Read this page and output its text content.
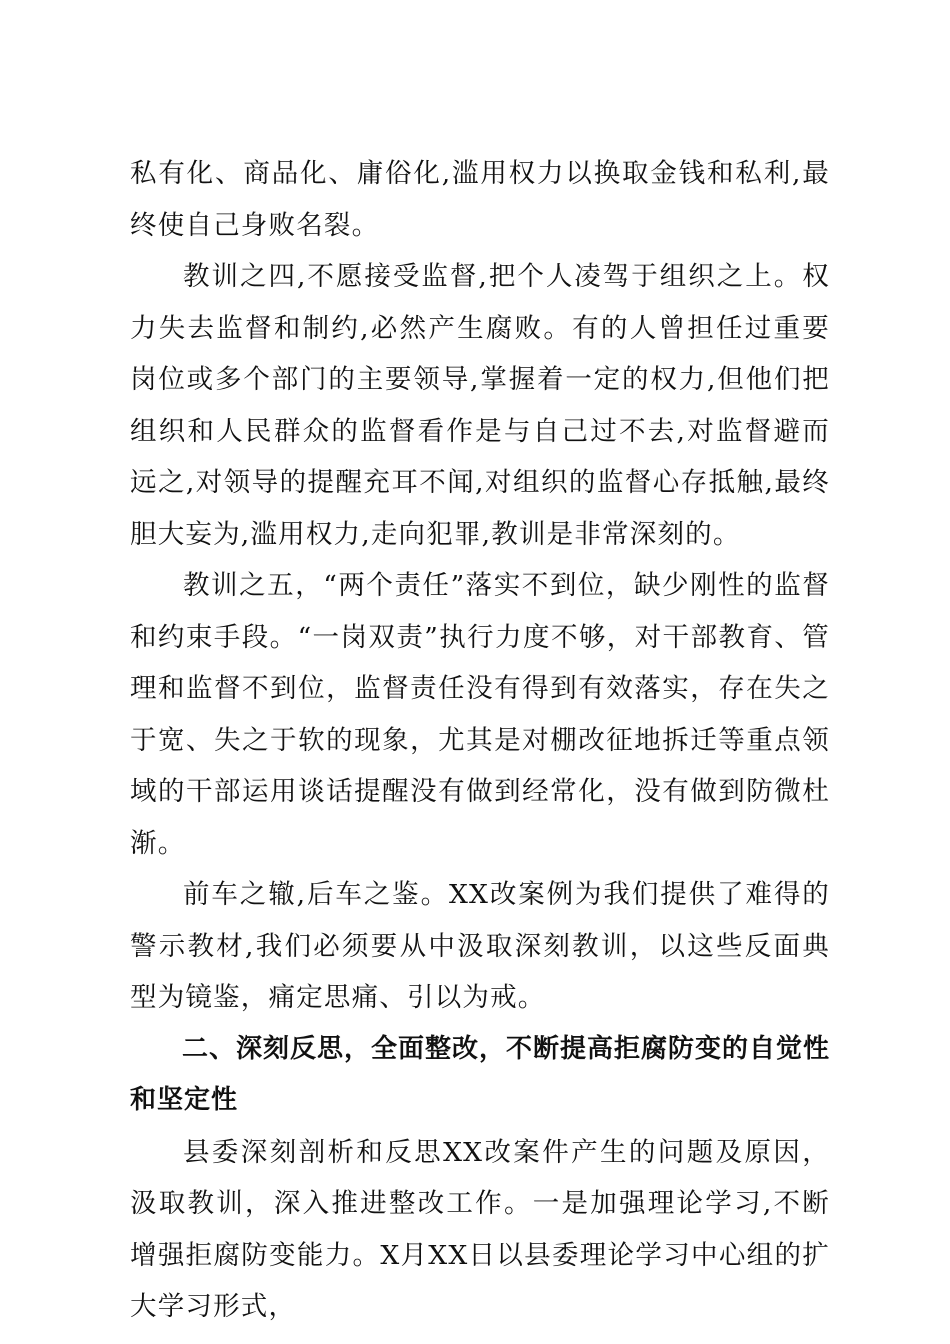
私有化、商品化、庸俗化,滥用权力以换取金钱和私利,最终使自己身败名裂。

教训之四,不愿接受监督,把个人凌驾于组织之上。权力失去监督和制约,必然产生腐败。有的人曾担任过重要岗位或多个部门的主要领导,掌握着一定的权力,但他们把组织和人民群众的监督看作是与自己过不去,对监督避而远之,对领导的提醒充耳不闻,对组织的监督心存抵触,最终胆大妄为,滥用权力,走向犯罪,教训是非常深刻的。

教训之五，“两个责任”落实不到位，缺少刚性的监督和约束手段。“一岗双责”执行力度不够，对干部教育、管理和监督不到位，监督责任没有得到有效落实，存在失之于宽、失之于软的现象，尤其是对棚改征地拆迁等重点领域的干部运用谈话提醒没有做到经常化，没有做到防微杜渐。

前车之辙,后车之鉴。XX改案例为我们提供了难得的警示教材,我们必须要从中汲取深刻教训，以这些反面典型为镜鉴，痛定思痛、引以为戒。

二、深刻反思，全面整改，不断提高拒腐防变的自觉性和坚定性

县委深刻剖析和反思XX改案件产生的问题及原因，汲取教训，深入推进整改工作。一是加强理论学习,不断增强拒腐防变能力。X月XX日以县委理论学习中心组的扩大学习形式，
